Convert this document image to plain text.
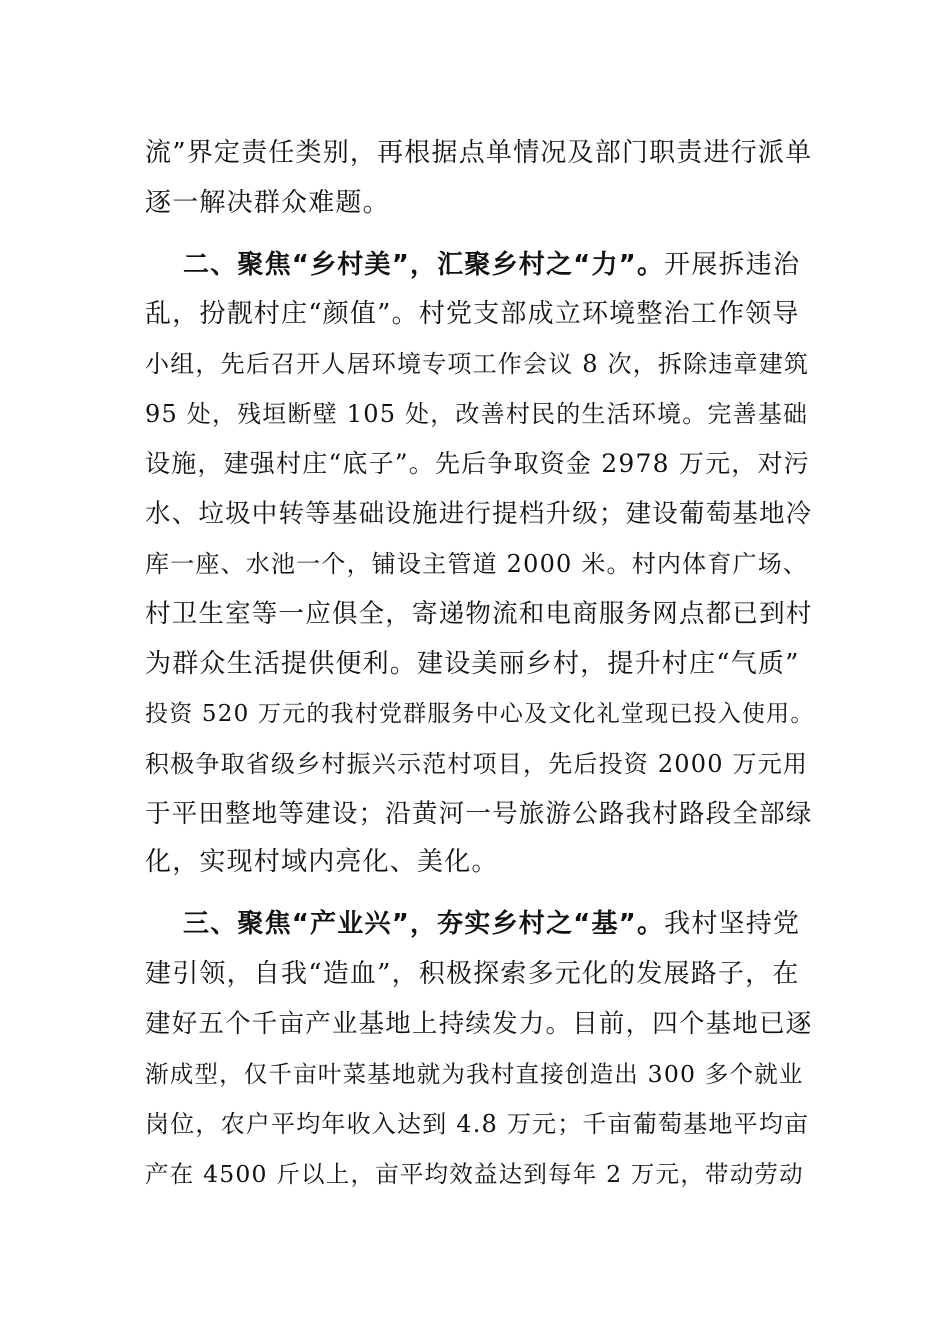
流”界定责任类别，再根据点单情况及部门职责进行派单
逐一解决群众难题。
二、聚焦“乡村美”，汇聚乡村之“力”。开展拆违治
乱，扮靓村庄“颜值”。村党支部成立环境整治工作领导
小组，先后召开人居环境专项工作会议 8 次，拆除违章建筑
95 处，残垣断壁 105 处，改善村民的生活环境。完善基础
设施，建强村庄“底子”。先后争取资金 2978 万元，对污
水、垃圾中转等基础设施进行提档升级；建设葡萄基地冷
库一座、水池一个，铺设主管道 2000 米。村内体育广场、
村卫生室等一应俱全，寄递物流和电商服务网点都已到村
为群众生活提供便利。建设美丽乡村，提升村庄“气质”
投资 520 万元的我村党群服务中心及文化礼堂现已投入使用。
积极争取省级乡村振兴示范村项目，先后投资 2000 万元用
于平田整地等建设；沿黄河一号旅游公路我村路段全部绿
化，实现村域内亮化、美化。
三、聚焦“产业兴”，夯实乡村之“基”。我村坚持党
建引领，自我“造血”，积极探索多元化的发展路子，在
建好五个千亩产业基地上持续发力。目前，四个基地已逐
渐成型，仅千亩叶菜基地就为我村直接创造出 300 多个就业
岗位，农户平均年收入达到 4.8 万元；千亩葡萄基地平均亩
产在 4500 斤以上，亩平均效益达到每年 2 万元，带动劳动
